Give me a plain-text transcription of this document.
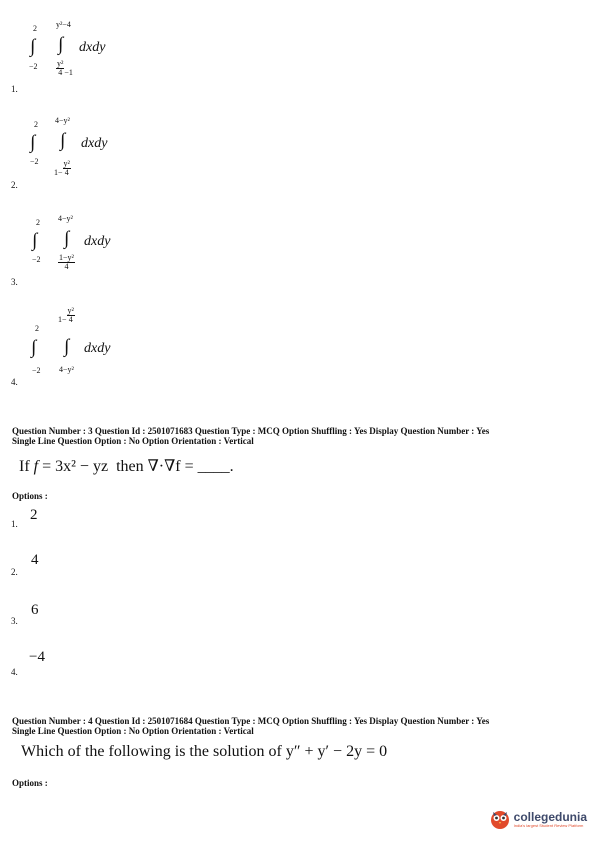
2
∫
−2
y²−4
∫
$\frac{\text{y²}}{4} -1$
dxdy
1.
2
∫
−2
4−y²
∫
$1- \frac{\text{y²}}{4}$
dxdy
2.
2
∫
−2
4−y²
∫
$\frac{\text{1−y²}}{4}$
dxdy
3.
2
∫
−2
$1- \frac{\text{y²}}{4}$
∫
4−y²
dxdy
4.
Question Number : 3 Question Id : 2501071683 Question Type : MCQ Option Shuffling : Yes Display Question Number : Yes
Single Line Question Option : No Option Orientation : Vertical
If f = 3x² − yz then ∇·∇f = ____.
Options :
2
1.
4
2.
6
3.
−4
4.
Question Number : 4 Question Id : 2501071684 Question Type : MCQ Option Shuffling : Yes Display Question Number : Yes
Single Line Question Option : No Option Orientation : Vertical
Which of the following is the solution of y″ + y′ − 2y = 0
Options :
collegedunia
India's largest Student Review Platform
